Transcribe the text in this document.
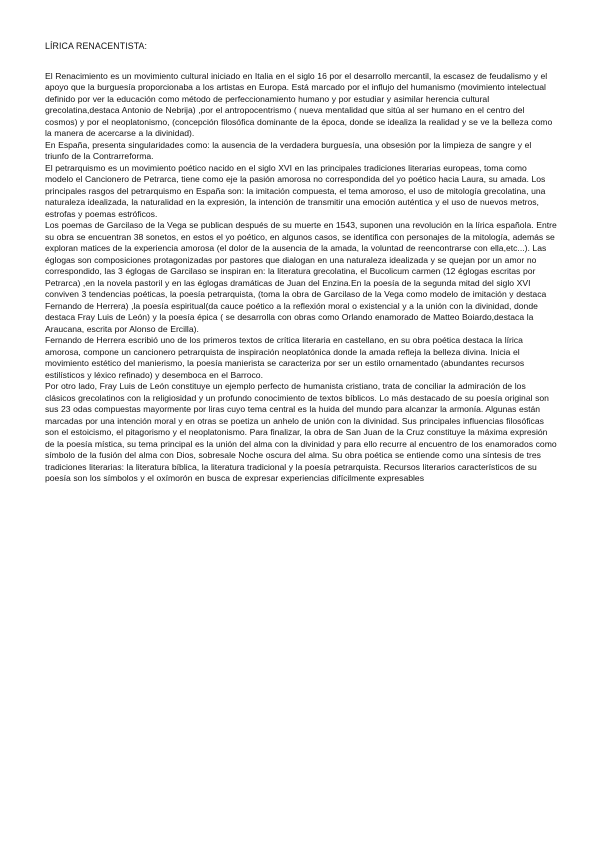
LÍRICA RENACENTISTA:

El Renacimiento es un movimiento cultural iniciado en Italia en el siglo 16 por el desarrollo mercantil, la escasez de feudalismo y el apoyo que la burguesía proporcionaba a los artistas en Europa. Está marcado por el influjo del humanismo (movimiento intelectual definido por ver la educación como método de perfeccionamiento humano y por estudiar y asimilar herencia cultural grecolatina,destaca Antonio de Nebrija) ,por el antropocentrismo ( nueva mentalidad que sitúa al ser humano en el centro del cosmos) y por el neoplatonismo, (concepción filosófica dominante de la época, donde se idealiza la realidad y se ve la belleza como la manera de acercarse a la divinidad).

En España, presenta singularidades como: la ausencia de la verdadera burguesía, una obsesión por la limpieza de sangre y el triunfo de la Contrarreforma.

El petrarquismo es un movimiento poético nacido en el siglo XVI en las principales tradiciones literarias europeas, toma como modelo el Cancionero de Petrarca, tiene como eje la pasión amorosa no correspondida del yo poético hacia Laura, su amada. Los principales rasgos del petrarquismo en España son: la imitación compuesta, el tema amoroso, el uso de mitología grecolatina, una naturaleza idealizada, la naturalidad en la expresión, la intención de transmitir una emoción auténtica y el uso de nuevos metros, estrofas y poemas estróficos.

Los poemas de Garcilaso de la Vega se publican después de su muerte en 1543, suponen una revolución en la lírica española. Entre su obra se encuentran 38 sonetos, en estos el yo poético, en algunos casos, se identifica con personajes de la mitología, además se exploran matices de la experiencia amorosa (el dolor de la ausencia de la amada, la voluntad de reencontrarse con ella,etc...). Las églogas son composiciones protagonizadas por pastores que dialogan en una naturaleza idealizada y se quejan por un amor no correspondido, las 3 églogas de Garcilaso se inspiran en: la literatura grecolatina, el Bucolicum carmen (12 églogas escritas por Petrarca) ,en la novela pastoril y en las églogas dramáticas de Juan del Enzina.En la poesía de la segunda mitad del siglo XVI conviven 3 tendencias poéticas, la poesía petrarquista, (toma la obra de Garcilaso de la Vega como modelo de imitación y destaca Fernando de Herrera) ,la poesía espiritual(da cauce poético a la reflexión moral o existencial y a la unión con la divinidad, donde destaca Fray Luis de León) y la poesía épica ( se desarrolla con obras como Orlando enamorado de Matteo Boiardo,destaca la Araucana, escrita por Alonso de Ercilla).

Fernando de Herrera escribió uno de los primeros textos de crítica literaria en castellano, en su obra poética destaca la lírica amorosa, compone un cancionero petrarquista de inspiración neoplatónica donde la amada refleja la belleza divina. Inicia el movimiento estético del manierismo, la poesía manierista se caracteriza por ser un estilo ornamentado (abundantes recursos estilísticos y léxico refinado) y desemboca en el Barroco.

Por otro lado, Fray Luis de León constituye un ejemplo perfecto de humanista cristiano, trata de conciliar la admiración de los clásicos grecolatinos con la religiosidad y un profundo conocimiento de textos bíblicos. Lo más destacado de su poesía original son sus 23 odas compuestas mayormente por liras cuyo tema central es la huida del mundo para alcanzar la armonía. Algunas están marcadas por una intención moral y en otras se poetiza un anhelo de unión con la divinidad. Sus principales influencias filosóficas son el estoicismo, el pitagorismo y el neoplatonismo. Para finalizar, la obra de San Juan de la Cruz constituye la máxima expresión de la poesía mística, su tema principal es la unión del alma con la divinidad y para ello recurre al encuentro de los enamorados como símbolo de la fusión del alma con Dios, sobresale Noche oscura del alma. Su obra poética se entiende como una síntesis de tres tradiciones literarias: la literatura bíblica, la literatura tradicional y la poesía petrarquista. Recursos literarios característicos de su poesía son los símbolos y el oxímorón en busca de expresar experiencias difícilmente expresables
